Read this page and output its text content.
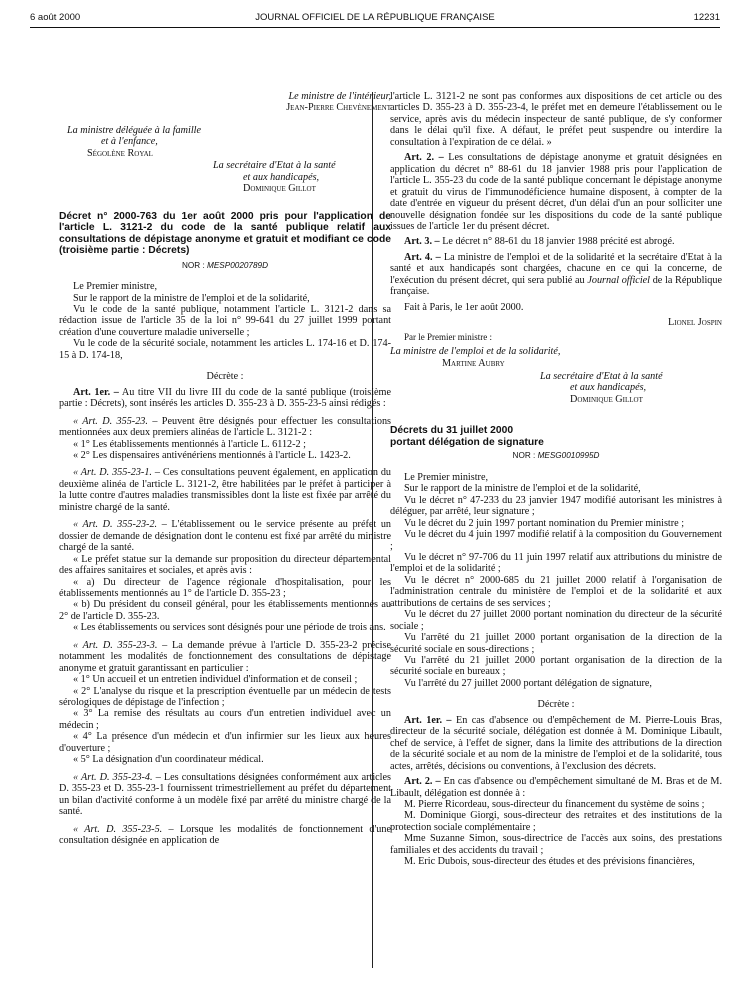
6 août 2000	JOURNAL OFFICIEL DE LA RÉPUBLIQUE FRANÇAISE	12231

Le ministre de l'intérieur,

Jean-Pierre Chevènement

La ministre déléguée à la famille

et à l'enfance,

Ségolène Royal

La secrétaire d'Etat à la santé

et aux handicapés,

Dominique Gillot

Décret n° 2000-763 du 1er août 2000 pris pour l'application de l'article L. 3121-2 du code de la santé publique relatif aux consultations de dépistage anonyme et gratuit et modifiant ce code (troisième partie : Décrets)

NOR : MESP0020789D

Le Premier ministre,

Sur le rapport de la ministre de l'emploi et de la solidarité,

Vu le code de la santé publique, notamment l'article L. 3121-2 dans sa rédaction issue de l'article 35 de la loi n° 99-641 du 27 juillet 1999 portant création d'une couverture maladie universelle ;

Vu le code de la sécurité sociale, notamment les articles L. 174-16 et D. 174-15 à D. 174-18,

Décrète :

Art. 1er. – Au titre VII du livre III du code de la santé publique (troisième partie : Décrets), sont insérés les articles D. 355-23 à D. 355-23-5 ainsi rédigés :

« Art. D. 355-23. – Peuvent être désignés pour effectuer les consultations mentionnées aux deux premiers alinéas de l'article L. 3121-2 :

« 1° Les établissements mentionnés à l'article L. 6112-2 ;

« 2° Les dispensaires antivénériens mentionnés à l'article L. 1423-2.

« Art. D. 355-23-1. – Ces consultations peuvent également, en application du deuxième alinéa de l'article L. 3121-2, être habilitées par le préfet à participer à la lutte contre d'autres maladies transmissibles dont la liste est fixée par arrêté du ministre chargé de la santé.

« Art. D. 355-23-2. – L'établissement ou le service présente au préfet un dossier de demande de désignation dont le contenu est fixé par arrêté du ministre chargé de la santé.

« Le préfet statue sur la demande sur proposition du directeur départemental des affaires sanitaires et sociales, et après avis :

« a) Du directeur de l'agence régionale d'hospitalisation, pour les établissements mentionnés au 1° de l'article D. 355-23 ;

« b) Du président du conseil général, pour les établissements mentionnés au 2° de l'article D. 355-23.

« Les établissements ou services sont désignés pour une période de trois ans.

« Art. D. 355-23-3. – La demande prévue à l'article D. 355-23-2 précise notamment les modalités de fonctionnement des consultations de dépistage anonyme et gratuit garantissant en particulier :

« 1° Un accueil et un entretien individuel d'information et de conseil ;

« 2° L'analyse du risque et la prescription éventuelle par un médecin de tests sérologiques de dépistage de l'infection ;

« 3° La remise des résultats au cours d'un entretien individuel avec un médecin ;

« 4° La présence d'un médecin et d'un infirmier sur les lieux aux heures d'ouverture ;

« 5° La désignation d'un coordinateur médical.

« Art. D. 355-23-4. – Les consultations désignées conformément aux articles D. 355-23 et D. 355-23-1 fournissent trimestriellement au préfet du département un bilan d'activité conforme à un modèle fixé par arrêté du ministre chargé de la santé.

« Art. D. 355-23-5. – Lorsque les modalités de fonctionnement d'une consultation désignée en application de

l'article L. 3121-2 ne sont pas conformes aux dispositions de cet article ou des articles D. 355-23 à D. 355-23-4, le préfet met en demeure l'établissement ou le service, après avis du médecin inspecteur de santé publique, de s'y conformer dans le délai qu'il fixe. A défaut, le préfet peut suspendre ou interdire la consultation à l'expiration de ce délai. »

Art. 2. – Les consultations de dépistage anonyme et gratuit désignées en application du décret n° 88-61 du 18 janvier 1988 pris pour l'application de l'article L. 355-23 du code de la santé publique concernant le dépistage anonyme et gratuit du virus de l'immunodéficience humaine disposent, à compter de la date d'entrée en vigueur du présent décret, d'un délai d'un an pour solliciter une nouvelle désignation fondée sur les dispositions du code de la santé publique issues de l'article 1er du présent décret.

Art. 3. – Le décret n° 88-61 du 18 janvier 1988 précité est abrogé.

Art. 4. – La ministre de l'emploi et de la solidarité et la secrétaire d'Etat à la santé et aux handicapés sont chargées, chacune en ce qui la concerne, de l'exécution du présent décret, qui sera publié au Journal officiel de la République française.

Fait à Paris, le 1er août 2000.

Lionel Jospin

Par le Premier ministre :

La ministre de l'emploi et de la solidarité,

Martine Aubry

La secrétaire d'Etat à la santé

et aux handicapés,

Dominique Gillot

Décrets du 31 juillet 2000

portant délégation de signature

NOR : MESG0010995D

Le Premier ministre,

Sur le rapport de la ministre de l'emploi et de la solidarité,

Vu le décret n° 47-233 du 23 janvier 1947 modifié autorisant les ministres à déléguer, par arrêté, leur signature ;

Vu le décret du 2 juin 1997 portant nomination du Premier ministre ;

Vu le décret du 4 juin 1997 modifié relatif à la composition du Gouvernement ;

Vu le décret n° 97-706 du 11 juin 1997 relatif aux attributions du ministre de l'emploi et de la solidarité ;

Vu le décret n° 2000-685 du 21 juillet 2000 relatif à l'organisation de l'administration centrale du ministère de l'emploi et de la solidarité et aux attributions de certains de ses services ;

Vu le décret du 27 juillet 2000 portant nomination du directeur de la sécurité sociale ;

Vu l'arrêté du 21 juillet 2000 portant organisation de la direction de la sécurité sociale en sous-directions ;

Vu l'arrêté du 21 juillet 2000 portant organisation de la direction de la sécurité sociale en bureaux ;

Vu l'arrêté du 27 juillet 2000 portant délégation de signature,

Décrète :

Art. 1er. – En cas d'absence ou d'empêchement de M. Pierre-Louis Bras, directeur de la sécurité sociale, délégation est donnée à M. Dominique Libault, chef de service, à l'effet de signer, dans la limite des attributions de la direction de la sécurité sociale et au nom de la ministre de l'emploi et de la solidarité, tous actes, arrêtés, décisions ou conventions, à l'exclusion des décrets.

Art. 2. – En cas d'absence ou d'empêchement simultané de M. Bras et de M. Libault, délégation est donnée à :

M. Pierre Ricordeau, sous-directeur du financement du système de soins ;

M. Dominique Giorgi, sous-directeur des retraites et des institutions de la protection sociale complémentaire ;

Mme Suzanne Simon, sous-directrice de l'accès aux soins, des prestations familiales et des accidents du travail ;

M. Eric Dubois, sous-directeur des études et des prévisions financières,
